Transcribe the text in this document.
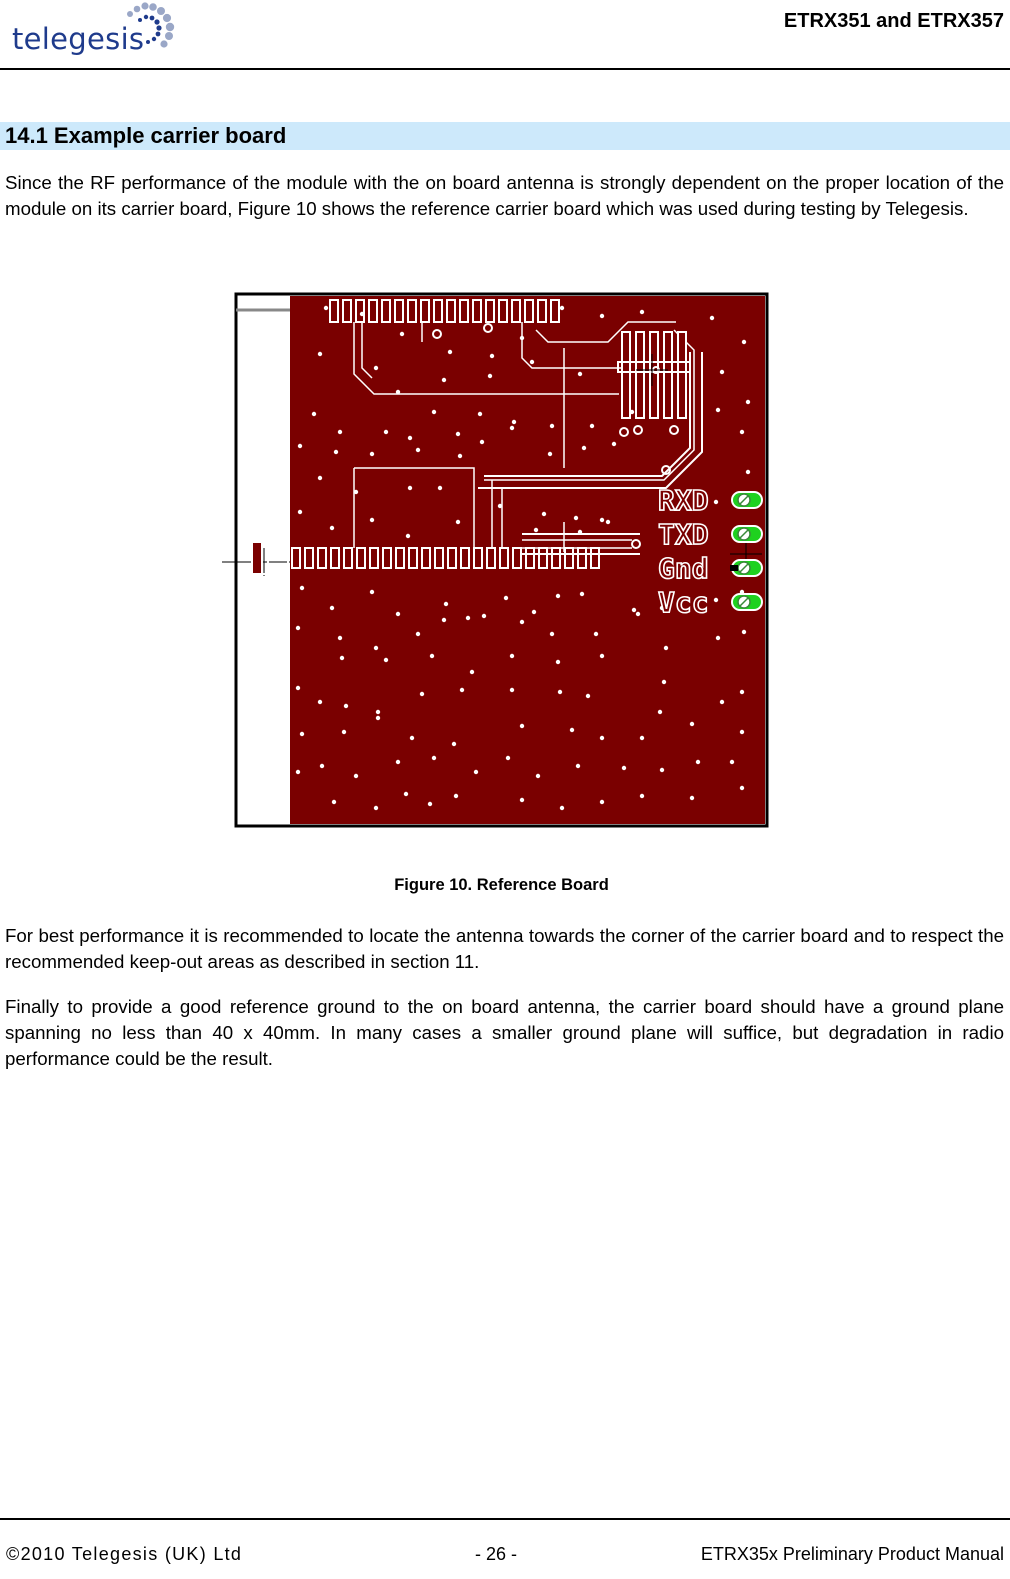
telegesis
ETRX351 and ETRX357
14.1 Example carrier board

Since the RF performance of the module with the on board antenna is strongly dependent on the proper location of the module on its carrier board, Figure 10 shows the reference carrier board which was used during testing by Telegesis.

RXD
TXD
Gnd
Vcc
Figure 10. Reference Board

For best performance it is recommended to locate the antenna towards the corner of the carrier board and to respect the recommended keep-out areas as described in section 11.

Finally to provide a good reference ground to the on board antenna, the carrier board should have a ground plane spanning no less than 40 x 40mm. In many cases a smaller ground plane will suffice, but degradation in radio performance could be the result.

©2010 Telegesis (UK) Ltd	- 26 -	ETRX35x Preliminary Product Manual
